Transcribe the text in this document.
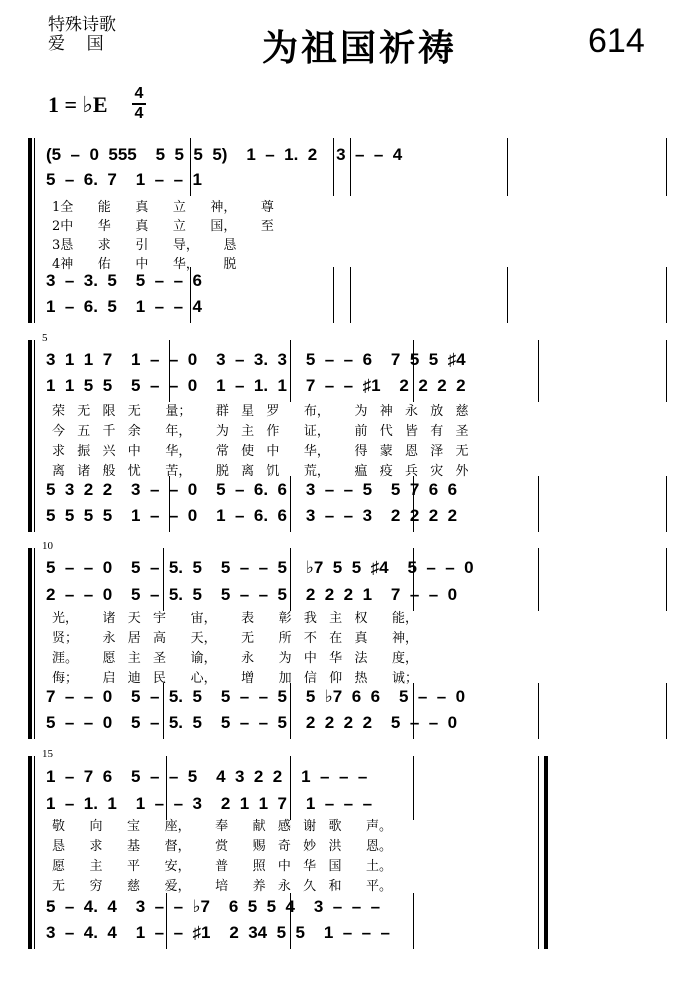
特殊诗歌
爱    国	为祖国祈祷	614
1 = ♭E 4
4
(5  –  0  555    5  5  5  5)    1  –  1.  2    3  –  –  4
5  –  6.  7    1  –  –  1
3  –  3.  5    5  –  –  6
1  –  6.  5    1  –  –  4
1全    能    真    立    神，    尊
2中    华    真    立    国，    至
3恳    求    引    导，    恳
4神    佑    中    华，    脱
5
3  1  1  7    1  –  –  0    3  –  3.  3    5  –  –  6    7  5  5  ♯4
1  1  5  5    5  –  –  0    1  –  1.  1    7  –  –  ♯1    2  2  2  2
5  3  2  2    3  –  –  0    5  –  6.  6    3  –  –  5    5  7  6  6
5  5  5  5    1  –  –  0    1  –  6.  6    3  –  –  3    2  2  2  2
荣  无  限  无    量；    群  星  罗    布，    为  神  永  放  慈
今  五  千  余    年，    为  主  作    证，    前  代  皆  有  圣
求  振  兴  中    华，    常  使  中    华，    得  蒙  恩  泽  无
离  诸  般  忧    苦，    脱  离  饥    荒，    瘟  疫  兵  灾  外
10
5  –  –  0    5  –  5.  5    5  –  –  5    ♭7  5  5  ♯4    5  –  –  0
2  –  –  0    5  –  5.  5    5  –  –  5    2  2  2  1    7  –  –  0
7  –  –  0    5  –  5.  5    5  –  –  5    5  ♭7  6  6    5  –  –  0
5  –  –  0    5  –  5.  5    5  –  –  5    2  2  2  2    5  –  –  0
光，    诸  天  宇    宙，    表    彰  我  主  权    能，
贤；    永  居  高    天，    无    所  不  在  真    神，
涯。    愿  主  圣    谕，    永    为  中  华  法    度，
侮；    启  迪  民    心，    增    加  信  仰  热    诚；
15
1  –  7  6    5  –  –  5    4  3  2  2    1  –  –  –
1  –  1.  1    1  –  –  3    2  1  1  7    1  –  –  –
5  –  4.  4    3  –  –  ♭7    6  5  5  4    3  –  –  –
3  –  4.  4    1  –  –  ♯1    2  34  5  5    1  –  –  –
敬    向    宝    座，    奉    献  感  谢  歌    声。
恳    求    基    督，    赏    赐  奇  妙  洪    恩。
愿    主    平    安，    普    照  中  华  国    土。
无    穷    慈    爱，    培    养  永  久  和    平。
